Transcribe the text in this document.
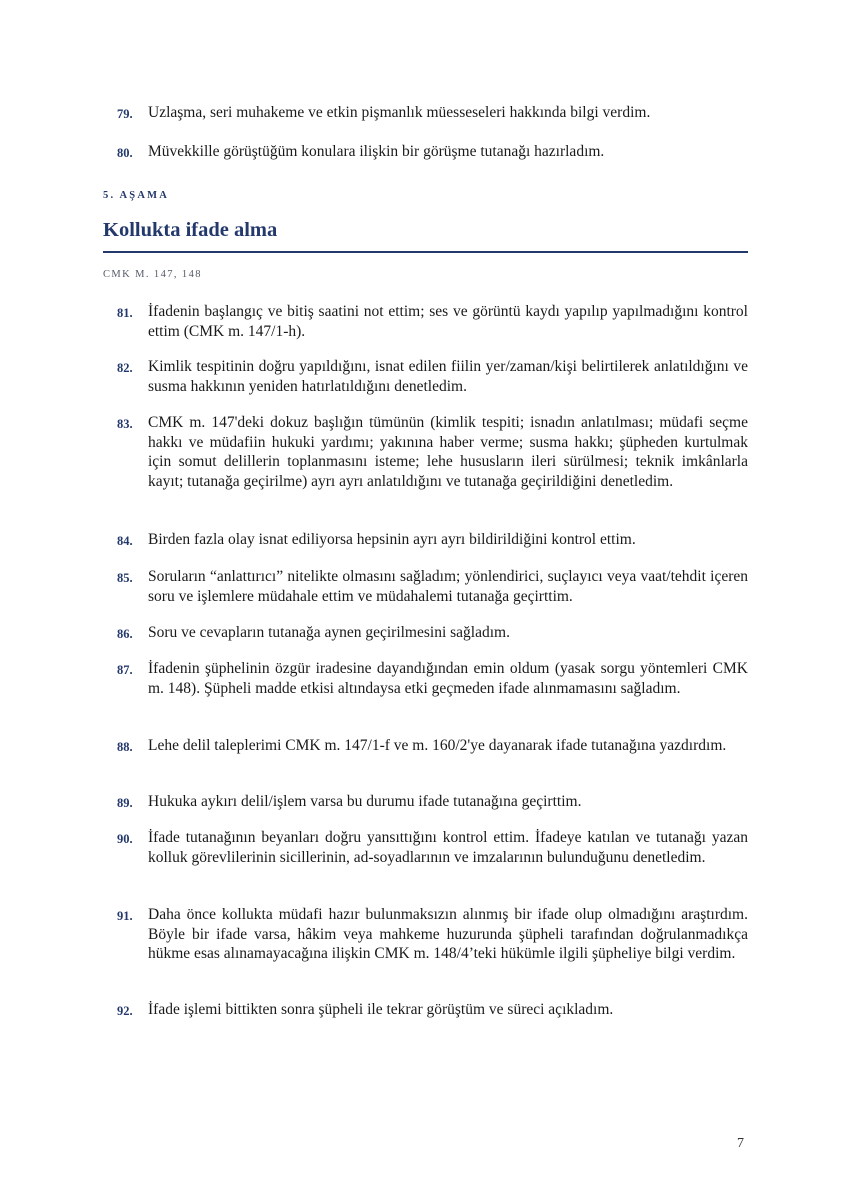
79. Uzlaşma, seri muhakeme ve etkin pişmanlık müesseseleri hakkında bilgi verdim.
80. Müvekkille görüştüğüm konulara ilişkin bir görüşme tutanağı hazırladım.
5. AŞAMA
Kollukta ifade alma
CMK M. 147, 148
81. İfadenin başlangıç ve bitiş saatini not ettim; ses ve görüntü kaydı yapılıp yapılmadığını kontrol ettim (CMK m. 147/1-h).
82. Kimlik tespitinin doğru yapıldığını, isnat edilen fiilin yer/zaman/kişi belirtilerek anlatıldığını ve susma hakkının yeniden hatırlatıldığını denetledim.
83. CMK m. 147'deki dokuz başlığın tümünün (kimlik tespiti; isnadın anlatılması; müdafi seçme hakkı ve müdafiin hukuki yardımı; yakınına haber verme; susma hakkı; şüpheden kurtulmak için somut delillerin toplanmasını isteme; lehe hususların ileri sürülmesi; teknik imkânlarla kayıt; tutanağa geçirilme) ayrı ayrı anlatıldığını ve tutanağa geçirildiğini denetledim.
84. Birden fazla olay isnat ediliyorsa hepsinin ayrı ayrı bildirildiğini kontrol ettim.
85. Soruların “anlattırıcı” nitelikte olmasını sağladım; yönlendirici, suçlayıcı veya vaat/tehdit içeren soru ve işlemlere müdahale ettim ve müdahalemi tutanağa geçirttim.
86. Soru ve cevapların tutanağa aynen geçirilmesini sağladım.
87. İfadenin şüphelinin özgür iradesine dayandığından emin oldum (yasak sorgu yöntemleri CMK m. 148). Şüpheli madde etkisi altındaysa etki geçmeden ifade alınmamasını sağladım.
88. Lehe delil taleplerimi CMK m. 147/1-f ve m. 160/2'ye dayanarak ifade tutanağına yazdırdım.
89. Hukuka aykırı delil/işlem varsa bu durumu ifade tutanağına geçirttim.
90. İfade tutanağının beyanları doğru yansıttığını kontrol ettim. İfadeye katılan ve tutanağı yazan kolluk görevlilerinin sicillerinin, ad-soyadlarının ve imzalarının bulunduğunu denetledim.
91. Daha önce kollukta müdafi hazır bulunmaksızın alınmış bir ifade olup olmadığını araştırdım. Böyle bir ifade varsa, hâkim veya mahkeme huzurunda şüpheli tarafından doğrulanmadıkça hükme esas alınamayacağına ilişkin CMK m. 148/4’teki hükümle ilgili şüpheliye bilgi verdim.
92. İfade işlemi bittikten sonra şüpheli ile tekrar görüştüm ve süreci açıkladım.
7
